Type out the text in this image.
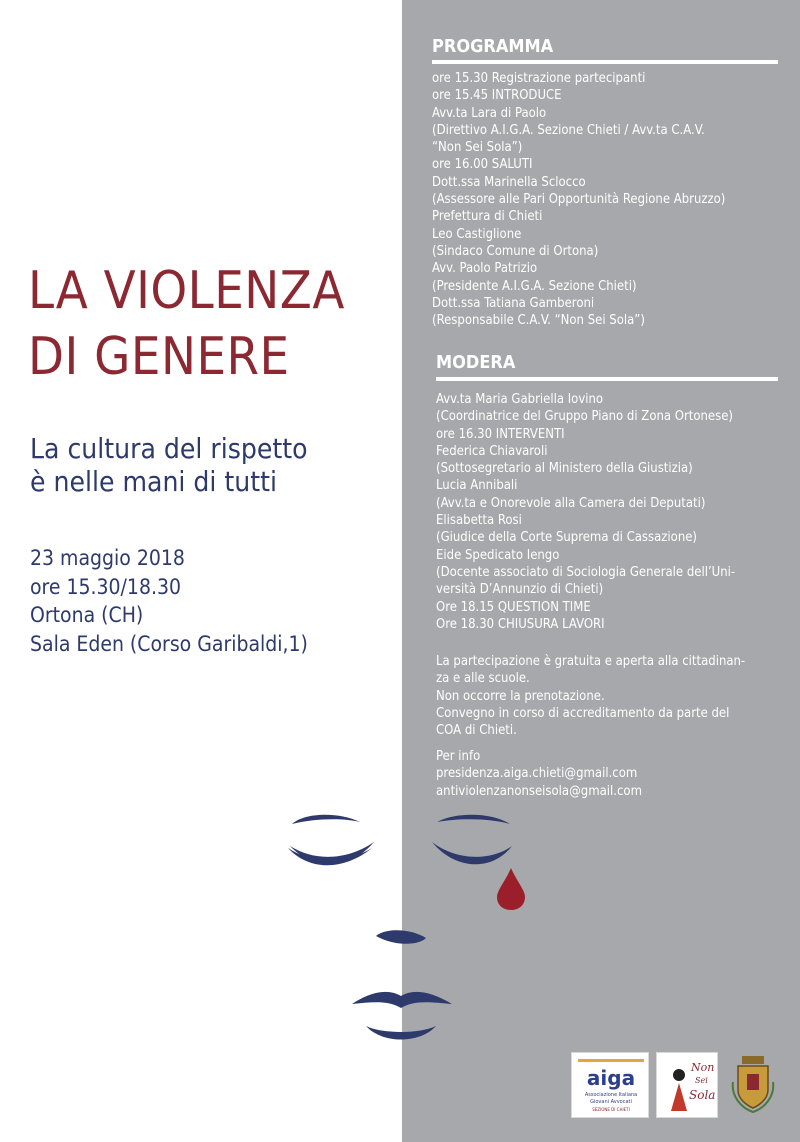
LA VIOLENZA
DI GENERE
La cultura del rispetto
è nelle mani di tutti
23 maggio 2018
ore 15.30/18.30
Ortona (CH)
Sala Eden (Corso Garibaldi,1)
PROGRAMMA
ore 15.30 Registrazione partecipanti
ore 15.45 INTRODUCE
Avv.ta Lara di Paolo
(Direttivo A.I.G.A. Sezione Chieti / Avv.ta C.A.V.
“Non Sei Sola”)
ore 16.00 SALUTI
Dott.ssa Marinella Sclocco
(Assessore alle Pari Opportunità Regione Abruzzo)
Prefettura di Chieti
Leo Castiglione
(Sindaco Comune di Ortona)
Avv. Paolo Patrizio
(Presidente A.I.G.A. Sezione Chieti)
Dott.ssa Tatiana Gamberoni
(Responsabile C.A.V. “Non Sei Sola”)
MODERA
Avv.ta Maria Gabriella Iovino
(Coordinatrice del Gruppo Piano di Zona Ortonese)
ore 16.30 INTERVENTI
Federica Chiavaroli
(Sottosegretario al Ministero della Giustizia)
Lucia Annibali
(Avv.ta e Onorevole alla Camera dei Deputati)
Elisabetta Rosi
(Giudice della Corte Suprema di Cassazione)
Eide Spedicato Iengo
(Docente associato di Sociologia Generale dell’Uni-
versità D’Annunzio di Chieti)
Ore 18.15 QUESTION TIME
Ore 18.30 CHIUSURA LAVORI
La partecipazione è gratuita e aperta alla cittadinan-
za e alle scuole.
Non occorre la prenotazione.
Convegno in corso di accreditamento da parte del
COA di Chieti.
Per info
presidenza.aiga.chieti@gmail.com
antiviolenzanonseisola@gmail.com
aiga
Associazione Italiana
Giovani Avvocati
SEZIONE DI CHIETI
Non
Sei
Sola
